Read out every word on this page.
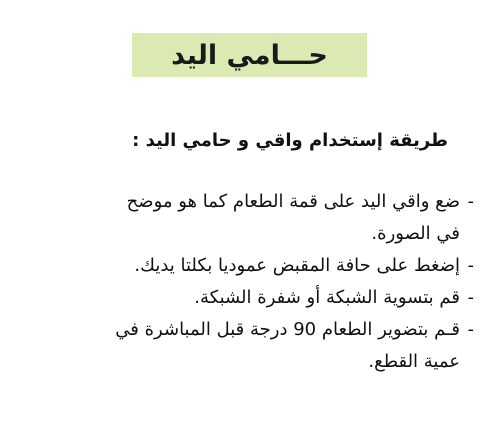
حـــامي اليد
طريقة إستخدام واقي و حامي اليد :
-
ضع واقي اليد على قمة الطعام كما هو موضح
في الصورة.
-
إضغط على حافة المقبض عموديا بكلتا يديك.
-
قم بتسوية الشبكة أو شفرة الشبكة.
-
قـم بتضوير الطعام 90 درجة قبل المباشرة في
عمية القطع.
